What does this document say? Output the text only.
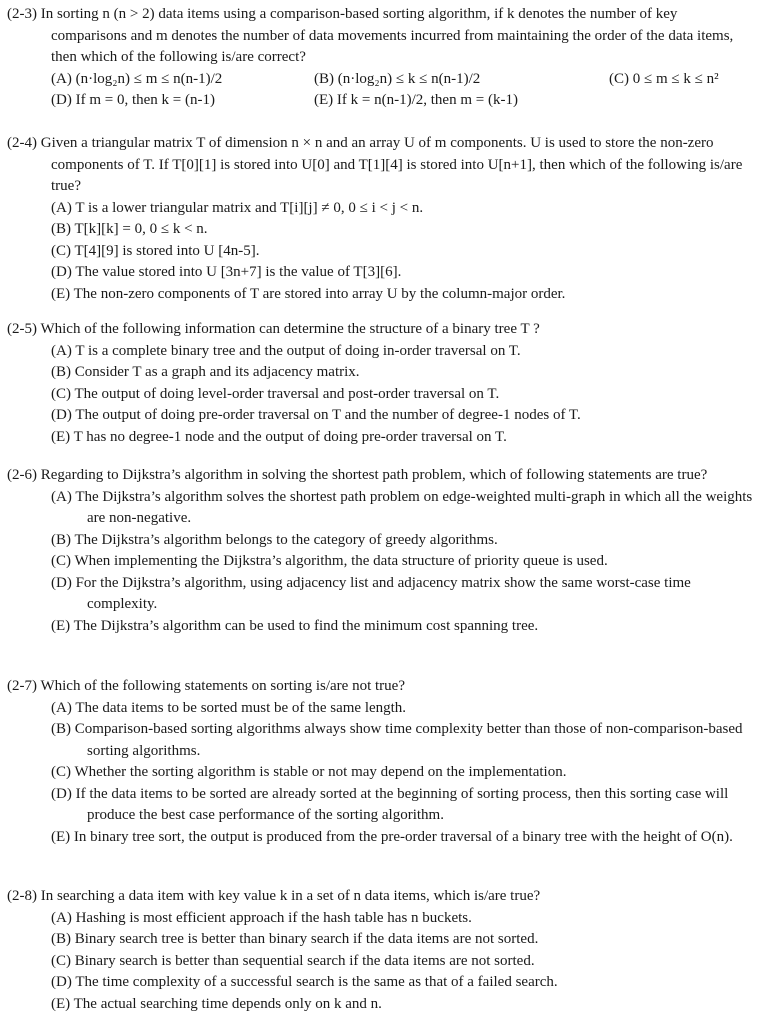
(2-3) In sorting n (n > 2) data items using a comparison-based sorting algorithm, if k denotes the number of key comparisons and m denotes the number of data movements incurred from maintaining the order of the data items, then which of the following is/are correct?

(A) (n·log₂n) ≤ m ≤ n(n-1)/2	(B) (n·log₂n) ≤ k ≤ n(n-1)/2	(C) 0 ≤ m ≤ k ≤ n²
(D) If m = 0, then k = (n-1)	(E) If k = n(n-1)/2, then m = (k-1)

(2-4) Given a triangular matrix T of dimension n × n and an array U of m components. U is used to store the non-zero components of T. If T[0][1] is stored into U[0] and T[1][4] is stored into U[n+1], then which of the following is/are true?

(A) T is a lower triangular matrix and T[i][j] ≠ 0, 0 ≤ i < j < n.

(B) T[k][k] = 0, 0 ≤ k < n.

(C) T[4][9] is stored into U [4n-5].

(D) The value stored into U [3n+7] is the value of T[3][6].

(E) The non-zero components of T are stored into array U by the column-major order.

(2-5) Which of the following information can determine the structure of a binary tree T ?

(A) T is a complete binary tree and the output of doing in-order traversal on T.

(B) Consider T as a graph and its adjacency matrix.

(C) The output of doing level-order traversal and post-order traversal on T.

(D) The output of doing pre-order traversal on T and the number of degree-1 nodes of T.

(E) T has no degree-1 node and the output of doing pre-order traversal on T.

(2-6) Regarding to Dijkstra’s algorithm in solving the shortest path problem, which of following statements are true?

(A) The Dijkstra’s algorithm solves the shortest path problem on edge-weighted multi-graph in which all the weights are non-negative.

(B) The Dijkstra’s algorithm belongs to the category of greedy algorithms.

(C) When implementing the Dijkstra’s algorithm, the data structure of priority queue is used.

(D) For the Dijkstra’s algorithm, using adjacency list and adjacency matrix show the same worst-case time complexity.

(E) The Dijkstra’s algorithm can be used to find the minimum cost spanning tree.

(2-7) Which of the following statements on sorting is/are not true?

(A) The data items to be sorted must be of the same length.

(B) Comparison-based sorting algorithms always show time complexity better than those of non-comparison-based sorting algorithms.

(C) Whether the sorting algorithm is stable or not may depend on the implementation.

(D) If the data items to be sorted are already sorted at the beginning of sorting process, then this sorting case will produce the best case performance of the sorting algorithm.

(E) In binary tree sort, the output is produced from the pre-order traversal of a binary tree with the height of O(n).

(2-8) In searching a data item with key value k in a set of n data items, which is/are true?

(A) Hashing is most efficient approach if the hash table has n buckets.

(B) Binary search tree is better than binary search if the data items are not sorted.

(C) Binary search is better than sequential search if the data items are not sorted.

(D) The time complexity of a successful search is the same as that of a failed search.

(E) The actual searching time depends only on k and n.
